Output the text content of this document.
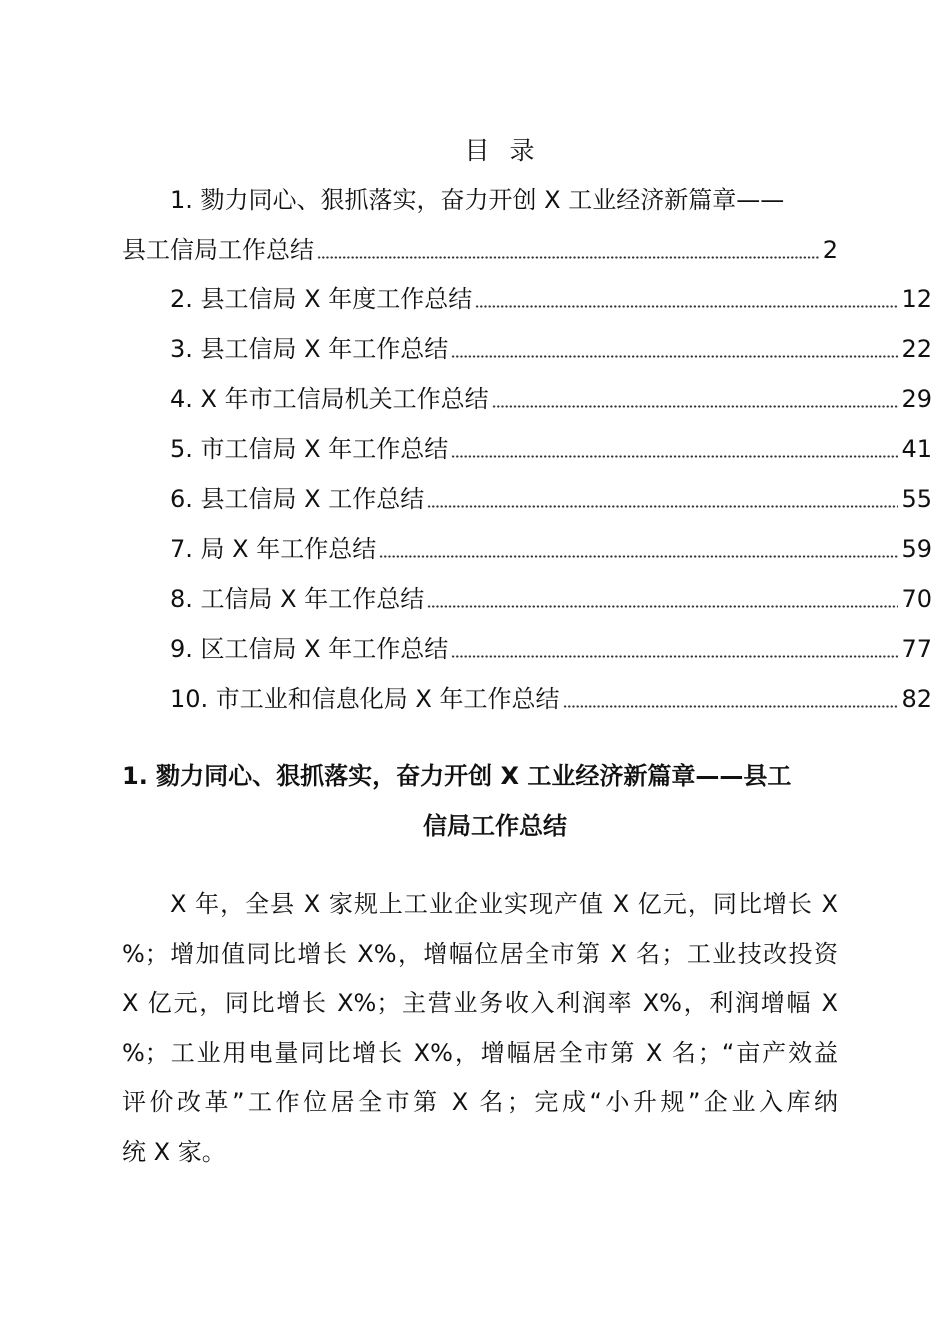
目 录
1. 勠力同心、狠抓落实，奋力开创 X 工业经济新篇章——
县工信局工作总结	2
2. 县工信局 X 年度工作总结	12
3. 县工信局 X 年工作总结	22
4. X 年市工信局机关工作总结	29
5. 市工信局 X 年工作总结	41
6. 县工信局 X 工作总结	55
7. 局 X 年工作总结	59
8. 工信局 X 年工作总结	70
9. 区工信局 X 年工作总结	77
10. 市工业和信息化局 X 年工作总结	82
1. 勠力同心、狠抓落实，奋力开创 X 工业经济新篇章——县工
信局工作总结
X 年，全县 X 家规上工业企业实现产值 X 亿元，同比增长 X
%；增加值同比增长 X%，增幅位居全市第 X 名；工业技改投资
X 亿元，同比增长 X%；主营业务收入利润率 X%，利润增幅 X
%；工业用电量同比增长 X%，增幅居全市第 X 名；“亩产效益
评价改革”工作位居全市第 X 名；完成“小升规”企业入库纳
统 X 家。
